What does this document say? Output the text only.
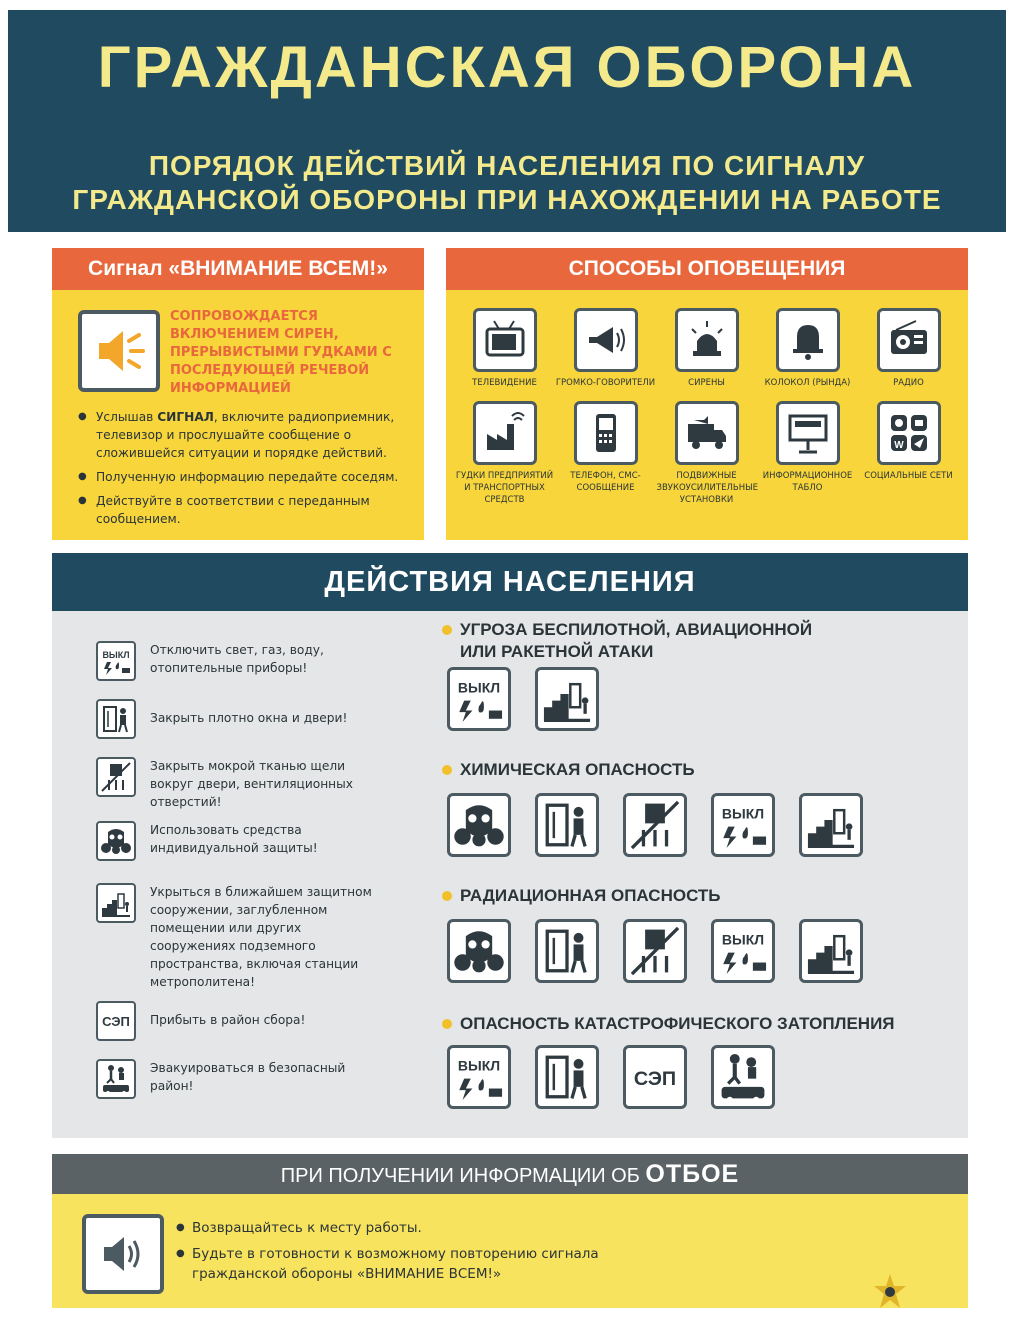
ГРАЖДАНСКАЯ ОБОРОНА
ПОРЯДОК ДЕЙСТВИЙ НАСЕЛЕНИЯ ПО СИГНАЛУ
ГРАЖДАНСКОЙ ОБОРОНЫ ПРИ НАХОЖДЕНИИ НА РАБОТЕ
Сигнал «ВНИМАНИЕ ВСЕМ!»
СОПРОВОЖДАЕТСЯ ВКЛЮЧЕНИЕМ СИРЕН, ПРЕРЫВИСТЫМИ ГУДКАМИ С ПОСЛЕДУЮЩЕЙ РЕЧЕВОЙ ИНФОРМАЦИЕЙ
● Услышав СИГНАЛ, включите радиоприемник, телевизор и прослушайте сообщение о сложившейся ситуации и порядке действий.
● Полученную информацию передайте соседям.
● Действуйте в соответствии с переданным сообщением.
СПОСОБЫ ОПОВЕЩЕНИЯ
ТЕЛЕВИДЕНИЕ	ГРОМКО-ГОВОРИТЕЛИ	СИРЕНЫ	КОЛОКОЛ (РЫНДА)	РАДИО
ГУДКИ ПРЕДПРИЯТИЙ И ТРАНСПОРТНЫХ СРЕДСТВ
ТЕЛЕФОН, СМС-СООБЩЕНИЕ
ПОДВИЖНЫЕ ЗВУКОУСИЛИТЕЛЬНЫЕ УСТАНОВКИ
ИНФОРМАЦИОННОЕ ТАБЛО
W
СОЦИАЛЬНЫЕ СЕТИ
ДЕЙСТВИЯ НАСЕЛЕНИЯ
ВЫКЛ Отключить свет, газ, воду, отопительные приборы!
Закрыть плотно окна и двери!
Закрыть мокрой тканью щели вокруг двери, вентиляционных отверстий!
Использовать средства индивидуальной защиты!
Укрыться в ближайшем защитном сооружении, заглубленном помещении или других сооружениях подземного пространства, включая станции метрополитена!
СЭП Прибыть в район сбора!
Эвакуироваться в безопасный район!
УГРОЗА БЕСПИЛОТНОЙ, АВИАЦИОННОЙ
ИЛИ РАКЕТНОЙ АТАКИ
ВЫКЛ
ХИМИЧЕСКАЯ ОПАСНОСТЬ
ВЫКЛ
РАДИАЦИОННАЯ ОПАСНОСТЬ
ВЫКЛ
ОПАСНОСТЬ КАТАСТРОФИЧЕСКОГО ЗАТОПЛЕНИЯ
ВЫКЛ
СЭП
ПРИ ПОЛУЧЕНИИ ИНФОРМАЦИИ ОБ ОТБОЕ
● Возвращайтесь к месту работы.
● Будьте в готовности к возможному повторению сигнала гражданской обороны «ВНИМАНИЕ ВСЕМ!»
